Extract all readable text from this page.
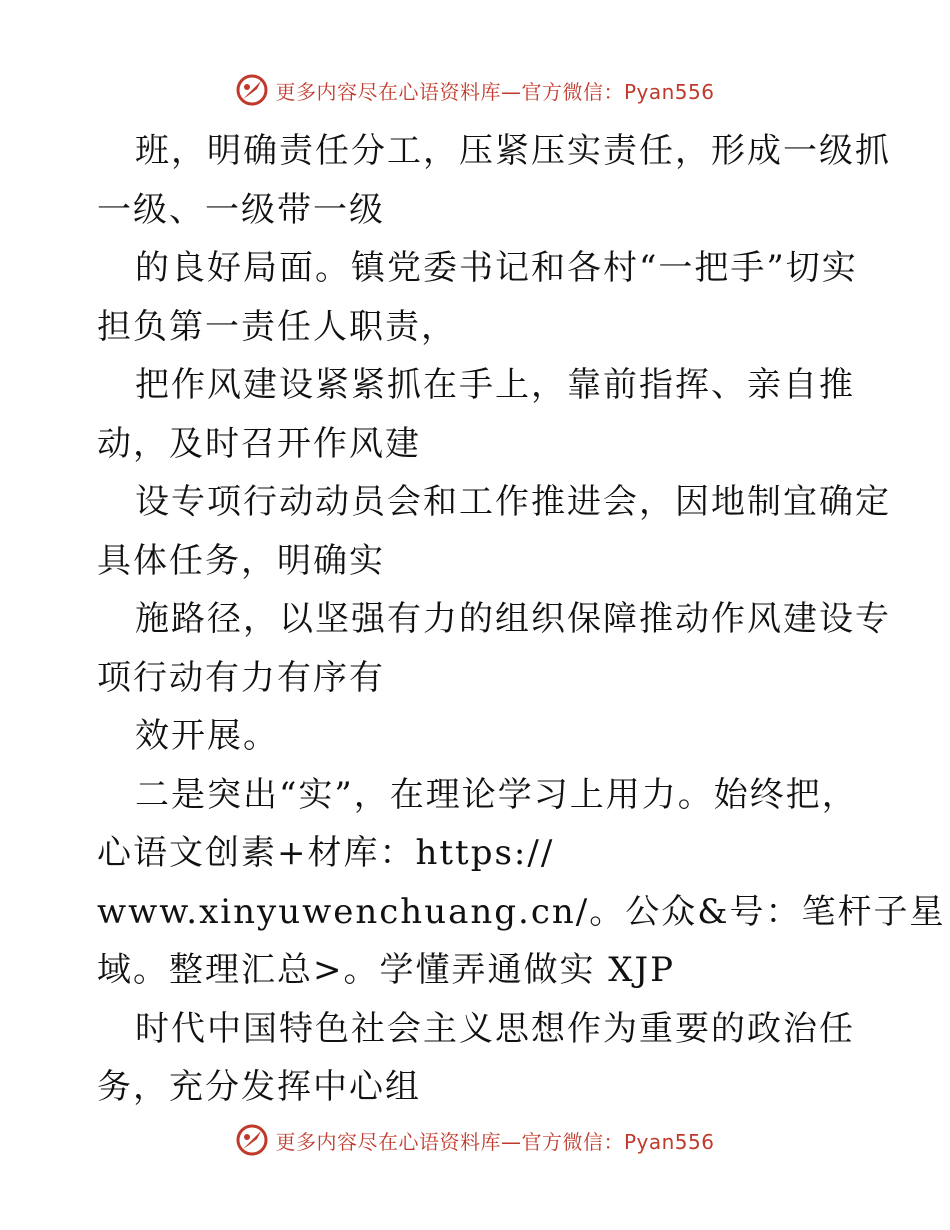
更多内容尽在心语资料库—官方微信：Pyan556
班，明确责任分工，压紧压实责任，形成一级抓
一级、一级带一级
的良好局面。镇党委书记和各村“一把手”切实
担负第一责任人职责，
把作风建设紧紧抓在手上，靠前指挥、亲自推
动，及时召开作风建
设专项行动动员会和工作推进会，因地制宜确定
具体任务，明确实
施路径，以坚强有力的组织保障推动作风建设专
项行动有力有序有
效开展。
二是突出“实”，在理论学习上用力。始终把，
心语文创素+材库：https://
www.xinyuwenchuang.cn/。公众&号：笔杆子星
域。整理汇总>。学懂弄通做实 XJP
时代中国特色社会主义思想作为重要的政治任
务，充分发挥中心组
更多内容尽在心语资料库—官方微信：Pyan556
